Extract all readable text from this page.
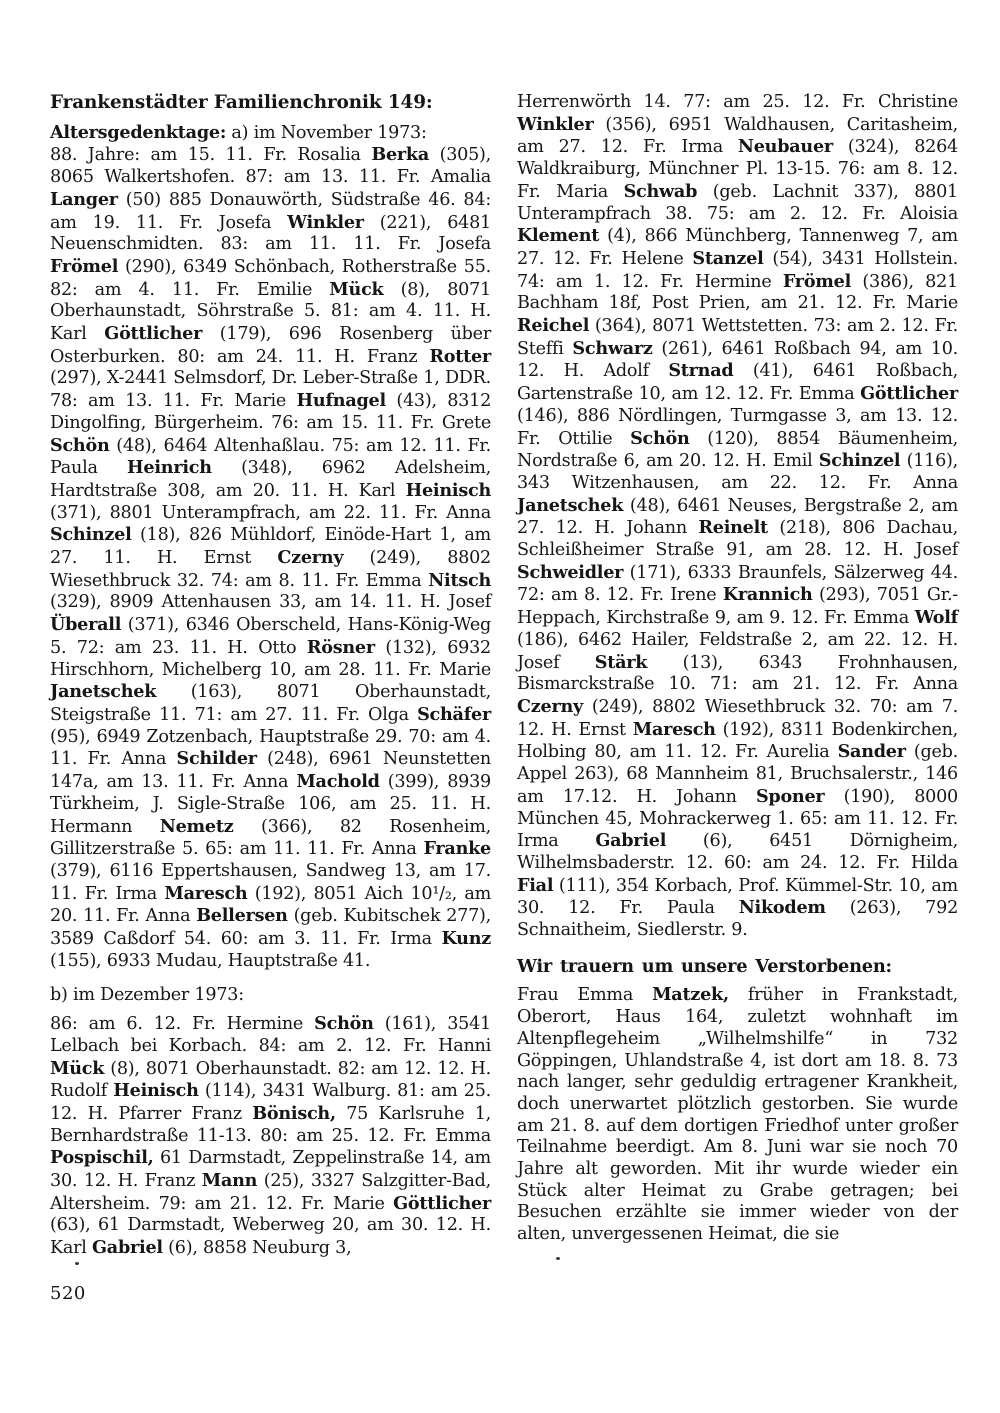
Frankenstädter Familienchronik 149:

Altersgedenktage: a) im November 1973:

88. Jahre: am 15. 11. Fr. Rosalia Berka (305), 8065 Walkertshofen. 87: am 13. 11. Fr. Amalia Langer (50) 885 Donauwörth, Südstraße 46. 84: am 19. 11. Fr. Josefa Winkler (221), 6481 Neuenschmidten. 83: am 11. 11. Fr. Josefa Frömel (290), 6349 Schönbach, Rotherstraße 55. 82: am 4. 11. Fr. Emilie Mück (8), 8071 Oberhaunstadt, Söhrstraße 5. 81: am 4. 11. H. Karl Göttlicher (179), 696 Rosenberg über Osterburken. 80: am 24. 11. H. Franz Rotter (297), X-2441 Selmsdorf, Dr. Leber-Straße 1, DDR. 78: am 13. 11. Fr. Marie Hufnagel (43), 8312 Dingolfing, Bürgerheim. 76: am 15. 11. Fr. Grete Schön (48), 6464 Altenhaßlau. 75: am 12. 11. Fr. Paula Heinrich (348), 6962 Adelsheim, Hardtstraße 308, am 20. 11. H. Karl Heinisch (371), 8801 Unterampfrach, am 22. 11. Fr. Anna Schinzel (18), 826 Mühldorf, Einöde-Hart 1, am 27. 11. H. Ernst Czerny (249), 8802 Wiesethbruck 32. 74: am 8. 11. Fr. Emma Nitsch (329), 8909 Attenhausen 33, am 14. 11. H. Josef Überall (371), 6346 Oberscheld, Hans-König-Weg 5. 72: am 23. 11. H. Otto Rösner (132), 6932 Hirschhorn, Michelberg 10, am 28. 11. Fr. Marie Janetschek (163), 8071 Oberhaunstadt, Steigstraße 11. 71: am 27. 11. Fr. Olga Schäfer (95), 6949 Zotzenbach, Hauptstraße 29. 70: am 4. 11. Fr. Anna Schilder (248), 6961 Neunstetten 147a, am 13. 11. Fr. Anna Machold (399), 8939 Türkheim, J. Sigle-Straße 106, am 25. 11. H. Hermann Nemetz (366), 82 Rosenheim, Gillitzerstraße 5. 65: am 11. 11. Fr. Anna Franke (379), 6116 Eppertshausen, Sandweg 13, am 17. 11. Fr. Irma Maresch (192), 8051 Aich 10¹/₂, am 20. 11. Fr. Anna Bellersen (geb. Kubitschek 277), 3589 Caßdorf 54. 60: am 3. 11. Fr. Irma Kunz (155), 6933 Mudau, Hauptstraße 41.

b) im Dezember 1973:

86: am 6. 12. Fr. Hermine Schön (161), 3541 Lelbach bei Korbach. 84: am 2. 12. Fr. Hanni Mück (8), 8071 Oberhaunstadt. 82: am 12. 12. H. Rudolf Heinisch (114), 3431 Walburg. 81: am 25. 12. H. Pfarrer Franz Bönisch, 75 Karlsruhe 1, Bernhardstraße 11-13. 80: am 25. 12. Fr. Emma Pospischil, 61 Darmstadt, Zeppelinstraße 14, am 30. 12. H. Franz Mann (25), 3327 Salzgitter-Bad, Altersheim. 79: am 21. 12. Fr. Marie Göttlicher (63), 61 Darmstadt, Weberweg 20, am 30. 12. H. Karl Gabriel (6), 8858 Neuburg 3,

Herrenwörth 14. 77: am 25. 12. Fr. Christine Winkler (356), 6951 Waldhausen, Caritasheim, am 27. 12. Fr. Irma Neubauer (324), 8264 Waldkraiburg, Münchner Pl. 13-15. 76: am 8. 12. Fr. Maria Schwab (geb. Lachnit 337), 8801 Unterampfrach 38. 75: am 2. 12. Fr. Aloisia Klement (4), 866 Münchberg, Tannenweg 7, am 27. 12. Fr. Helene Stanzel (54), 3431 Hollstein. 74: am 1. 12. Fr. Hermine Frömel (386), 821 Bachham 18f, Post Prien, am 21. 12. Fr. Marie Reichel (364), 8071 Wettstetten. 73: am 2. 12. Fr. Steffi Schwarz (261), 6461 Roßbach 94, am 10. 12. H. Adolf Strnad (41), 6461 Roßbach, Gartenstraße 10, am 12. 12. Fr. Emma Göttlicher (146), 886 Nördlingen, Turmgasse 3, am 13. 12. Fr. Ottilie Schön (120), 8854 Bäumenheim, Nordstraße 6, am 20. 12. H. Emil Schinzel (116), 343 Witzenhausen, am 22. 12. Fr. Anna Janetschek (48), 6461 Neuses, Bergstraße 2, am 27. 12. H. Johann Reinelt (218), 806 Dachau, Schleißheimer Straße 91, am 28. 12. H. Josef Schweidler (171), 6333 Braunfels, Sälzerweg 44. 72: am 8. 12. Fr. Irene Krannich (293), 7051 Gr.-Heppach, Kirchstraße 9, am 9. 12. Fr. Emma Wolf (186), 6462 Hailer, Feldstraße 2, am 22. 12. H. Josef Stärk (13), 6343 Frohnhausen, Bismarckstraße 10. 71: am 21. 12. Fr. Anna Czerny (249), 8802 Wiesethbruck 32. 70: am 7. 12. H. Ernst Maresch (192), 8311 Bodenkirchen, Holbing 80, am 11. 12. Fr. Aurelia Sander (geb. Appel 263), 68 Mannheim 81, Bruchsalerstr., 146 am 17.12. H. Johann Sponer (190), 8000 München 45, Mohrackerweg 1. 65: am 11. 12. Fr. Irma Gabriel (6), 6451 Dörnigheim, Wilhelmsbaderstr. 12. 60: am 24. 12. Fr. Hilda Fial (111), 354 Korbach, Prof. Kümmel-Str. 10, am 30. 12. Fr. Paula Nikodem (263), 792 Schnaitheim, Siedlerstr. 9.

Wir trauern um unsere Verstorbenen:

Frau Emma Matzek, früher in Frankstadt, Oberort, Haus 164, zuletzt wohnhaft im Altenpflegeheim „Wilhelmshilfe“ in 732 Göppingen, Uhlandstraße 4, ist dort am 18. 8. 73 nach langer, sehr geduldig ertragener Krankheit, doch unerwartet plötzlich gestorben. Sie wurde am 21. 8. auf dem dortigen Friedhof unter großer Teilnahme beerdigt. Am 8. Juni war sie noch 70 Jahre alt geworden. Mit ihr wurde wieder ein Stück alter Heimat zu Grabe getragen; bei Besuchen erzählte sie immer wieder von der alten, unvergessenen Heimat, die sie

520
